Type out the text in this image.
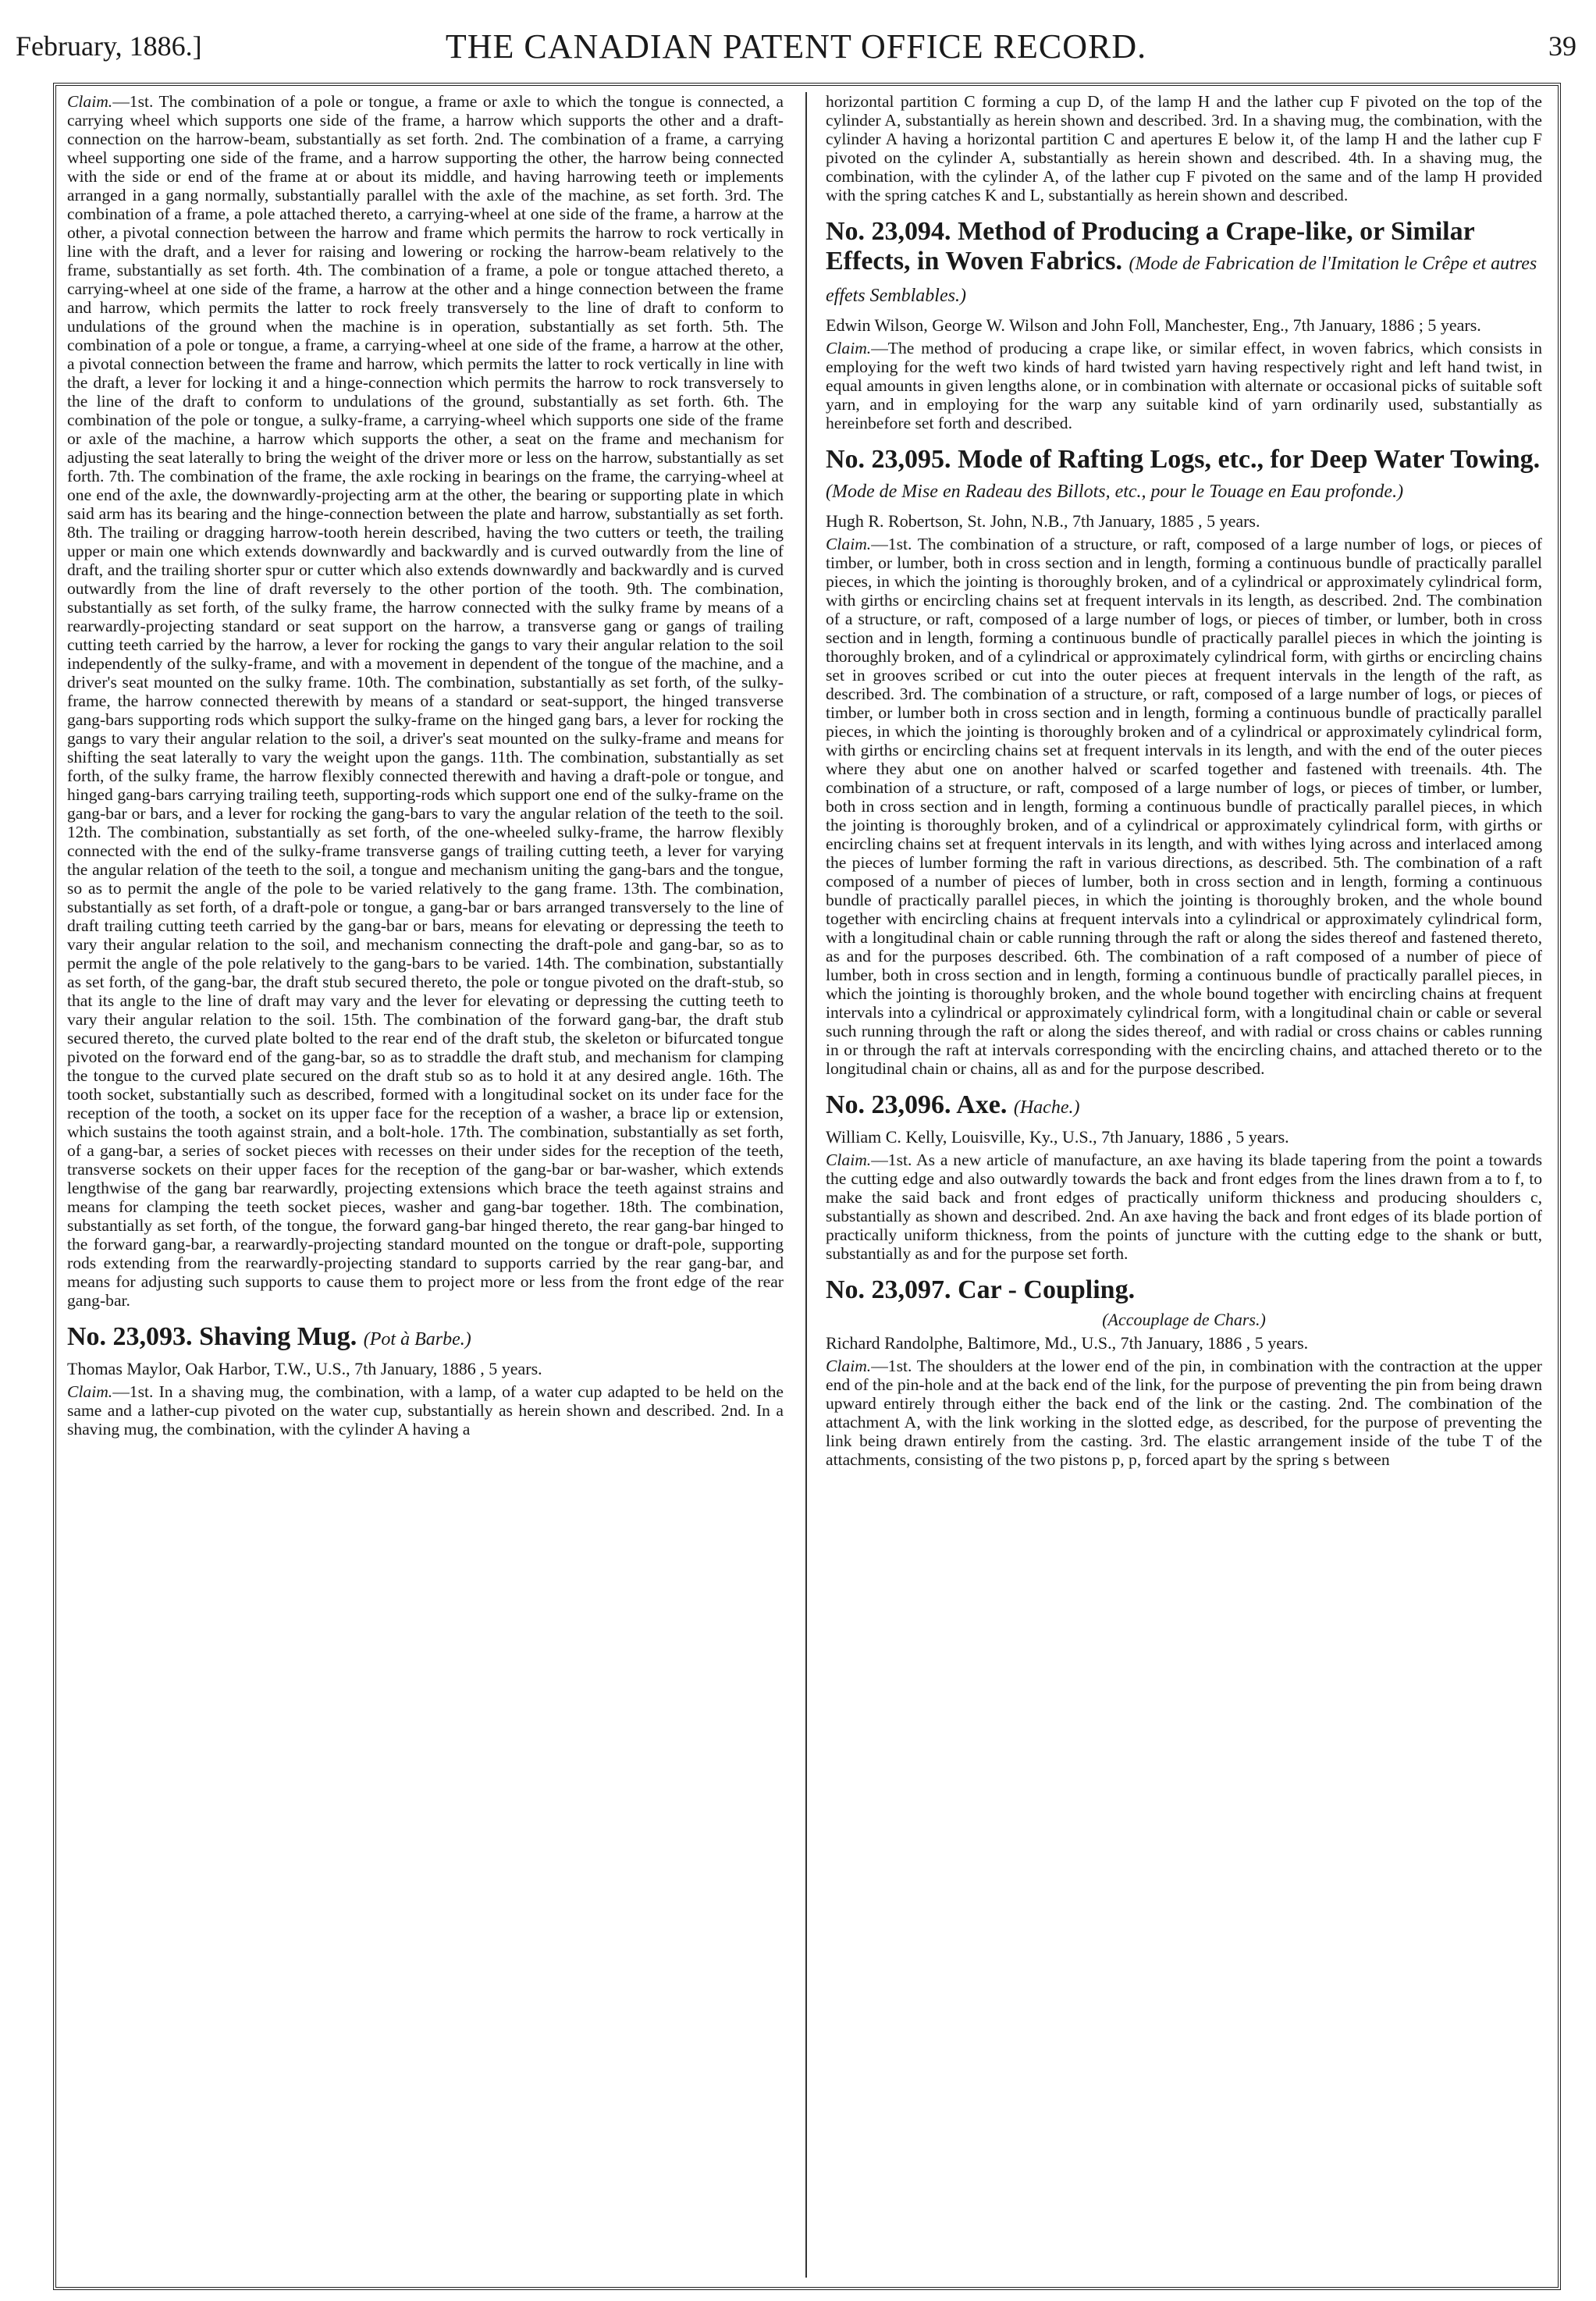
February, 1886.]	THE CANADIAN PATENT OFFICE RECORD.	39

Claim.—1st. The combination of a pole or tongue, a frame or axle to which the tongue is connected, a carrying wheel which supports one side of the frame, a harrow which supports the other and a draft-connection on the harrow-beam, substantially as set forth. 2nd. The combination of a frame, a carrying wheel supporting one side of the frame, and a harrow supporting the other, the harrow being connected with the side or end of the frame at or about its middle, and having harrowing teeth or implements arranged in a gang normally, substantially parallel with the axle of the machine, as set forth. 3rd. The combination of a frame, a pole attached thereto, a carrying-wheel at one side of the frame, a harrow at the other, a pivotal connection between the harrow and frame which permits the harrow to rock vertically in line with the draft, and a lever for raising and lowering or rocking the harrow-beam relatively to the frame, substantially as set forth. 4th. The combination of a frame, a pole or tongue attached thereto, a carrying-wheel at one side of the frame, a harrow at the other and a hinge connection between the frame and harrow, which permits the latter to rock freely transversely to the line of draft to conform to undulations of the ground when the machine is in operation, substantially as set forth. 5th. The combination of a pole or tongue, a frame, a carrying-wheel at one side of the frame, a harrow at the other, a pivotal connection between the frame and harrow, which permits the latter to rock vertically in line with the draft, a lever for locking it and a hinge-connection which permits the harrow to rock transversely to the line of the draft to conform to undulations of the ground, substantially as set forth. 6th. The combination of the pole or tongue, a sulky-frame, a carrying-wheel which supports one side of the frame or axle of the machine, a harrow which supports the other, a seat on the frame and mechanism for adjusting the seat laterally to bring the weight of the driver more or less on the harrow, substantially as set forth. 7th. The combination of the frame, the axle rocking in bearings on the frame, the carrying-wheel at one end of the axle, the downwardly-projecting arm at the other, the bearing or supporting plate in which said arm has its bearing and the hinge-connection between the plate and harrow, substantially as set forth. 8th. The trailing or dragging harrow-tooth herein described, having the two cutters or teeth, the trailing upper or main one which extends downwardly and backwardly and is curved outwardly from the line of draft, and the trailing shorter spur or cutter which also extends downwardly and backwardly and is curved outwardly from the line of draft reversely to the other portion of the tooth. 9th. The combination, substantially as set forth, of the sulky frame, the harrow connected with the sulky frame by means of a rearwardly-projecting standard or seat support on the harrow, a transverse gang or gangs of trailing cutting teeth carried by the harrow, a lever for rocking the gangs to vary their angular relation to the soil independently of the sulky-frame, and with a movement in dependent of the tongue of the machine, and a driver's seat mounted on the sulky frame. 10th. The combination, substantially as set forth, of the sulky-frame, the harrow connected therewith by means of a standard or seat-support, the hinged transverse gang-bars supporting rods which support the sulky-frame on the hinged gang bars, a lever for rocking the gangs to vary their angular relation to the soil, a driver's seat mounted on the sulky-frame and means for shifting the seat laterally to vary the weight upon the gangs. 11th. The combination, substantially as set forth, of the sulky frame, the harrow flexibly connected therewith and having a draft-pole or tongue, and hinged gang-bars carrying trailing teeth, supporting-rods which support one end of the sulky-frame on the gang-bar or bars, and a lever for rocking the gang-bars to vary the angular relation of the teeth to the soil. 12th. The combination, substantially as set forth, of the one-wheeled sulky-frame, the harrow flexibly connected with the end of the sulky-frame transverse gangs of trailing cutting teeth, a lever for varying the angular relation of the teeth to the soil, a tongue and mechanism uniting the gang-bars and the tongue, so as to permit the angle of the pole to be varied relatively to the gang frame. 13th. The combination, substantially as set forth, of a draft-pole or tongue, a gang-bar or bars arranged transversely to the line of draft trailing cutting teeth carried by the gang-bar or bars, means for elevating or depressing the teeth to vary their angular relation to the soil, and mechanism connecting the draft-pole and gang-bar, so as to permit the angle of the pole relatively to the gang-bars to be varied. 14th. The combination, substantially as set forth, of the gang-bar, the draft stub secured thereto, the pole or tongue pivoted on the draft-stub, so that its angle to the line of draft may vary and the lever for elevating or depressing the cutting teeth to vary their angular relation to the soil. 15th. The combination of the forward gang-bar, the draft stub secured thereto, the curved plate bolted to the rear end of the draft stub, the skeleton or bifurcated tongue pivoted on the forward end of the gang-bar, so as to straddle the draft stub, and mechanism for clamping the tongue to the curved plate secured on the draft stub so as to hold it at any desired angle. 16th. The tooth socket, substantially such as described, formed with a longitudinal socket on its under face for the reception of the tooth, a socket on its upper face for the reception of a washer, a brace lip or extension, which sustains the tooth against strain, and a bolt-hole. 17th. The combination, substantially as set forth, of a gang-bar, a series of socket pieces with recesses on their under sides for the reception of the teeth, transverse sockets on their upper faces for the reception of the gang-bar or bar-washer, which extends lengthwise of the gang bar rearwardly, projecting extensions which brace the teeth against strains and means for clamping the teeth socket pieces, washer and gang-bar together. 18th. The combination, substantially as set forth, of the tongue, the forward gang-bar hinged thereto, the rear gang-bar hinged to the forward gang-bar, a rearwardly-projecting standard mounted on the tongue or draft-pole, supporting rods extending from the rearwardly-projecting standard to supports carried by the rear gang-bar, and means for adjusting such supports to cause them to project more or less from the front edge of the rear gang-bar.

No. 23,093. Shaving Mug. (Pot à Barbe.)

Thomas Maylor, Oak Harbor, T.W., U.S., 7th January, 1886 , 5 years.

Claim.—1st. In a shaving mug, the combination, with a lamp, of a water cup adapted to be held on the same and a lather-cup pivoted on the water cup, substantially as herein shown and described. 2nd. In a shaving mug, the combination, with the cylinder A having a

horizontal partition C forming a cup D, of the lamp H and the lather cup F pivoted on the top of the cylinder A, substantially as herein shown and described. 3rd. In a shaving mug, the combination, with the cylinder A having a horizontal partition C and apertures E below it, of the lamp H and the lather cup F pivoted on the cylinder A, substantially as herein shown and described. 4th. In a shaving mug, the combination, with the cylinder A, of the lather cup F pivoted on the same and of the lamp H provided with the spring catches K and L, substantially as herein shown and described.

No. 23,094. Method of Producing a Crape-like, or Similar Effects, in Woven Fabrics. (Mode de Fabrication de l'Imitation le Crêpe et autres effets Semblables.)

Edwin Wilson, George W. Wilson and John Foll, Manchester, Eng., 7th January, 1886 ; 5 years.

Claim.—The method of producing a crape like, or similar effect, in woven fabrics, which consists in employing for the weft two kinds of hard twisted yarn having respectively right and left hand twist, in equal amounts in given lengths alone, or in combination with alternate or occasional picks of suitable soft yarn, and in employing for the warp any suitable kind of yarn ordinarily used, substantially as hereinbefore set forth and described.

No. 23,095. Mode of Rafting Logs, etc., for Deep Water Towing. (Mode de Mise en Radeau des Billots, etc., pour le Touage en Eau profonde.)

Hugh R. Robertson, St. John, N.B., 7th January, 1885 , 5 years.

Claim.—1st. The combination of a structure, or raft, composed of a large number of logs, or pieces of timber, or lumber, both in cross section and in length, forming a continuous bundle of practically parallel pieces, in which the jointing is thoroughly broken, and of a cylindrical or approximately cylindrical form, with girths or encircling chains set at frequent intervals in its length, as described. 2nd. The combination of a structure, or raft, composed of a large number of logs, or pieces of timber, or lumber, both in cross section and in length, forming a continuous bundle of practically parallel pieces in which the jointing is thoroughly broken, and of a cylindrical or approximately cylindrical form, with girths or encircling chains set in grooves scribed or cut into the outer pieces at frequent intervals in the length of the raft, as described. 3rd. The combination of a structure, or raft, composed of a large number of logs, or pieces of timber, or lumber both in cross section and in length, forming a continuous bundle of practically parallel pieces, in which the jointing is thoroughly broken and of a cylindrical or approximately cylindrical form, with girths or encircling chains set at frequent intervals in its length, and with the end of the outer pieces where they abut one on another halved or scarfed together and fastened with treenails. 4th. The combination of a structure, or raft, composed of a large number of logs, or pieces of timber, or lumber, both in cross section and in length, forming a continuous bundle of practically parallel pieces, in which the jointing is thoroughly broken, and of a cylindrical or approximately cylindrical form, with girths or encircling chains set at frequent intervals in its length, and with withes lying across and interlaced among the pieces of lumber forming the raft in various directions, as described. 5th. The combination of a raft composed of a number of pieces of lumber, both in cross section and in length, forming a continuous bundle of practically parallel pieces, in which the jointing is thoroughly broken, and the whole bound together with encircling chains at frequent intervals into a cylindrical or approximately cylindrical form, with a longitudinal chain or cable running through the raft or along the sides thereof and fastened thereto, as and for the purposes described. 6th. The combination of a raft composed of a number of piece of lumber, both in cross section and in length, forming a continuous bundle of practically parallel pieces, in which the jointing is thoroughly broken, and the whole bound together with encircling chains at frequent intervals into a cylindrical or approximately cylindrical form, with a longitudinal chain or cable or several such running through the raft or along the sides thereof, and with radial or cross chains or cables running in or through the raft at intervals corresponding with the encircling chains, and attached thereto or to the longitudinal chain or chains, all as and for the purpose described.

No. 23,096. Axe. (Hache.)

William C. Kelly, Louisville, Ky., U.S., 7th January, 1886 , 5 years.

Claim.—1st. As a new article of manufacture, an axe having its blade tapering from the point a towards the cutting edge and also outwardly towards the back and front edges from the lines drawn from a to f, to make the said back and front edges of practically uniform thickness and producing shoulders c, substantially as shown and described. 2nd. An axe having the back and front edges of its blade portion of practically uniform thickness, from the points of juncture with the cutting edge to the shank or butt, substantially as and for the purpose set forth.

No. 23,097. Car - Coupling.

(Accouplage de Chars.)

Richard Randolphe, Baltimore, Md., U.S., 7th January, 1886 , 5 years.

Claim.—1st. The shoulders at the lower end of the pin, in combination with the contraction at the upper end of the pin-hole and at the back end of the link, for the purpose of preventing the pin from being drawn upward entirely through either the back end of the link or the casting. 2nd. The combination of the attachment A, with the link working in the slotted edge, as described, for the purpose of preventing the link being drawn entirely from the casting. 3rd. The elastic arrangement inside of the tube T of the attachments, consisting of the two pistons p, p, forced apart by the spring s between
